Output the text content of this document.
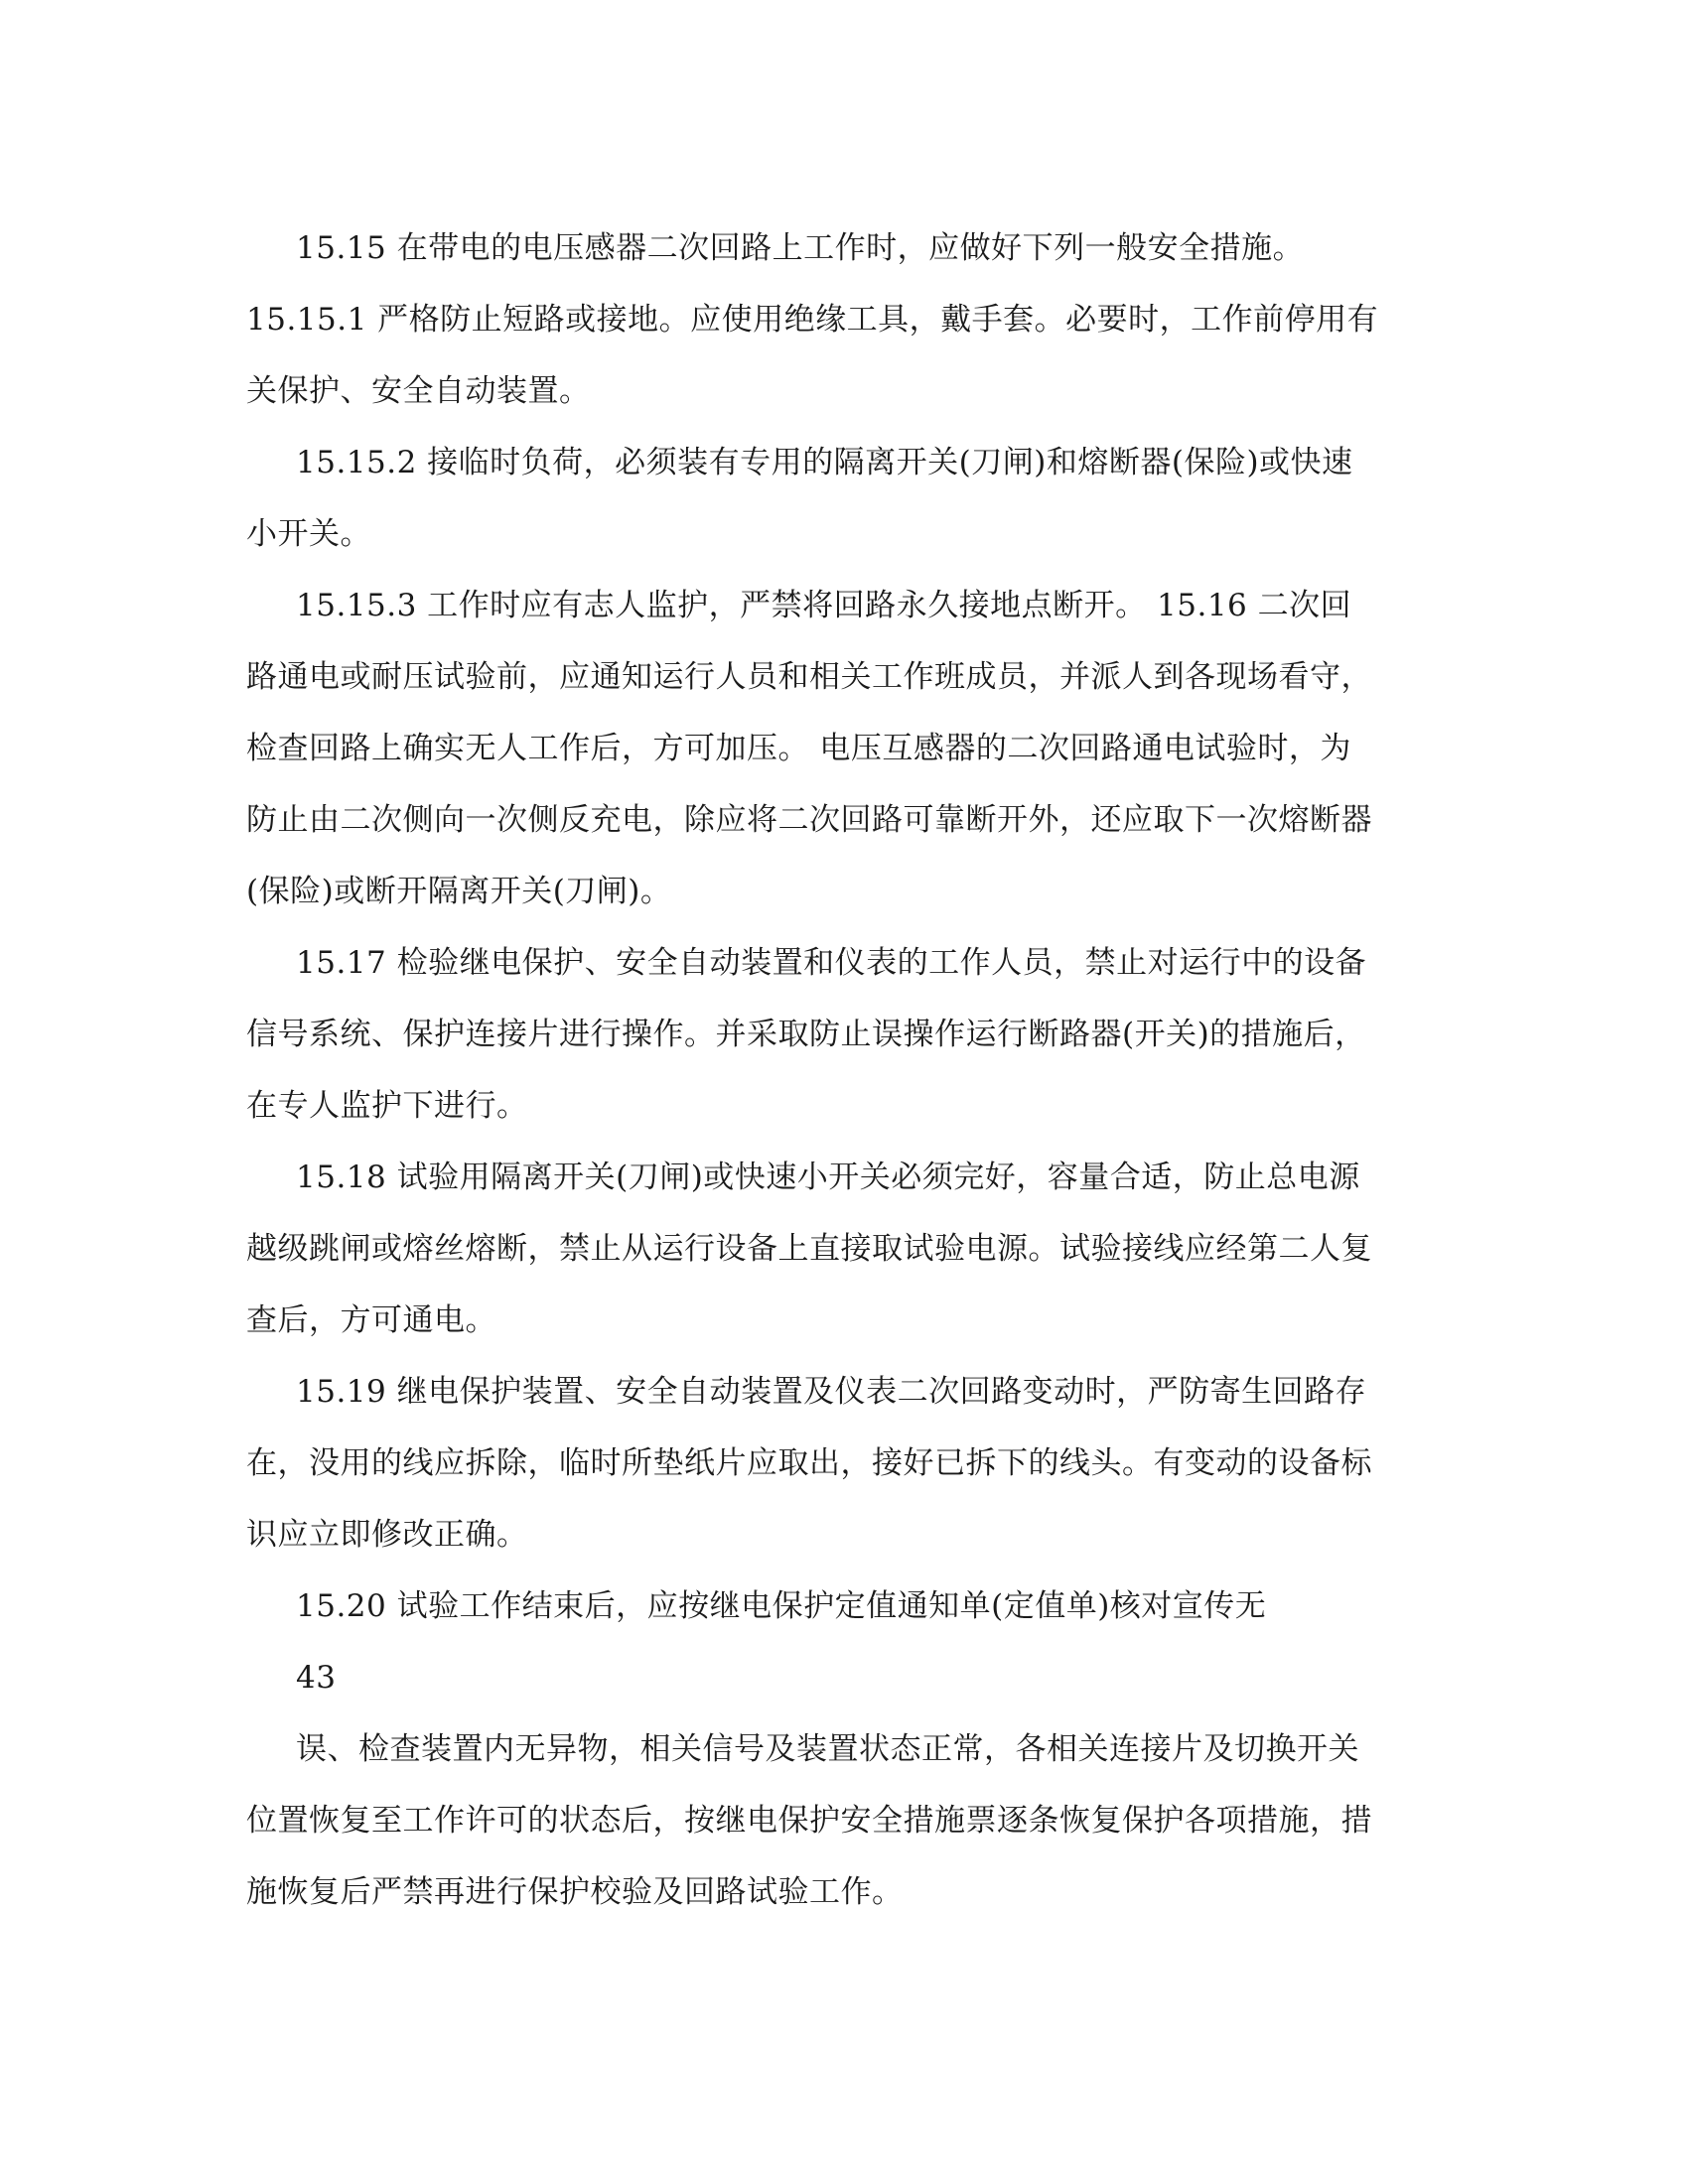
15.15 在带电的电压感器二次回路上工作时，应做好下列一般安全措施。
15.15.1 严格防止短路或接地。应使用绝缘工具，戴手套。必要时，工作前停用有
关保护、安全自动装置。
15.15.2 接临时负荷，必须装有专用的隔离开关(刀闸)和熔断器(保险)或快速
小开关。
15.15.3 工作时应有志人监护，严禁将回路永久接地点断开。 15.16 二次回
路通电或耐压试验前，应通知运行人员和相关工作班成员，并派人到各现场看守，
检查回路上确实无人工作后，方可加压。 电压互感器的二次回路通电试验时，为
防止由二次侧向一次侧反充电，除应将二次回路可靠断开外，还应取下一次熔断器
(保险)或断开隔离开关(刀闸)。
15.17 检验继电保护、安全自动装置和仪表的工作人员，禁止对运行中的设备
信号系统、保护连接片进行操作。并采取防止误操作运行断路器(开关)的措施后，
在专人监护下进行。
15.18 试验用隔离开关(刀闸)或快速小开关必须完好，容量合适，防止总电源
越级跳闸或熔丝熔断，禁止从运行设备上直接取试验电源。试验接线应经第二人复
查后，方可通电。
15.19 继电保护装置、安全自动装置及仪表二次回路变动时，严防寄生回路存
在，没用的线应拆除，临时所垫纸片应取出，接好已拆下的线头。有变动的设备标
识应立即修改正确。
15.20 试验工作结束后，应按继电保护定值通知单(定值单)核对宣传无
43
误、检查装置内无异物，相关信号及装置状态正常，各相关连接片及切换开关
位置恢复至工作许可的状态后，按继电保护安全措施票逐条恢复保护各项措施，措
施恢复后严禁再进行保护校验及回路试验工作。
